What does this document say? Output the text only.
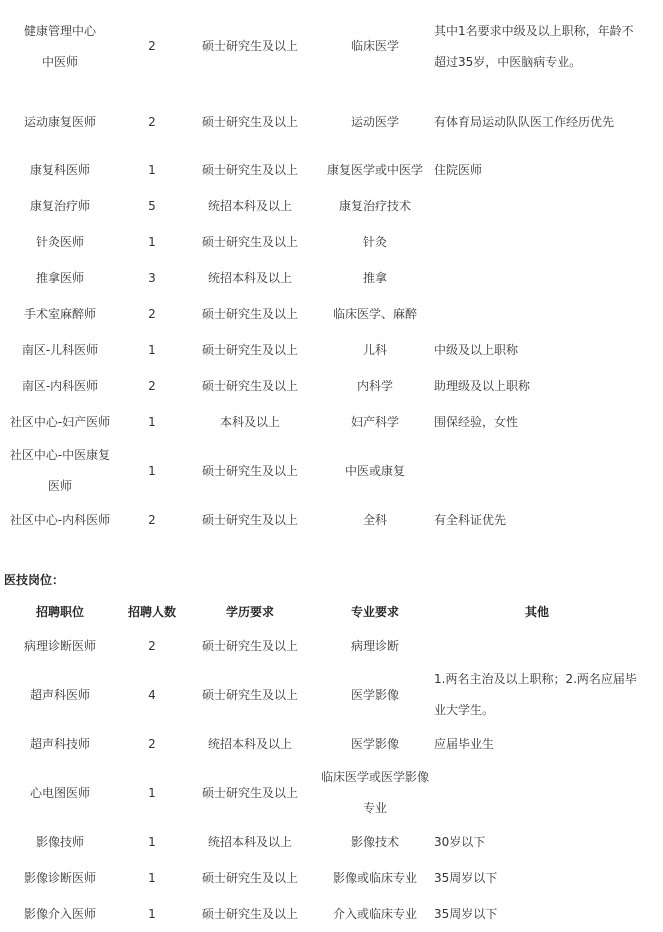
健康管理中心
中医师	2	硕士研究生及以上	临床医学	其中1名要求中级及以上职称，年龄不超过35岁，中医脑病专业。
运动康复医师	2	硕士研究生及以上	运动医学	有体育局运动队队医工作经历优先
康复科医师	1	硕士研究生及以上	康复医学或中医学	住院医师
康复治疗师	5	统招本科及以上	康复治疗技术	
针灸医师	1	硕士研究生及以上	针灸	
推拿医师	3	统招本科及以上	推拿	
手术室麻醉师	2	硕士研究生及以上	临床医学、麻醉	
南区-儿科医师	1	硕士研究生及以上	儿科	中级及以上职称
南区-内科医师	2	硕士研究生及以上	内科学	助理级及以上职称
社区中心-妇产医师	1	本科及以上	妇产科学	围保经验，女性
社区中心-中医康复
医师	1	硕士研究生及以上	中医或康复	
社区中心-内科医师	2	硕士研究生及以上	全科	有全科证优先
医技岗位：
招聘职位	招聘人数	学历要求	专业要求	其他
病理诊断医师	2	硕士研究生及以上	病理诊断	
超声科医师	4	硕士研究生及以上	医学影像	1.两名主治及以上职称；2.两名应届毕业大学生。
超声科技师	2	统招本科及以上	医学影像	应届毕业生
心电图医师	1	硕士研究生及以上	临床医学或医学影像专业	
影像技师	1	统招本科及以上	影像技术	30岁以下
影像诊断医师	1	硕士研究生及以上	影像或临床专业	35周岁以下
影像介入医师	1	硕士研究生及以上	介入或临床专业	35周岁以下
